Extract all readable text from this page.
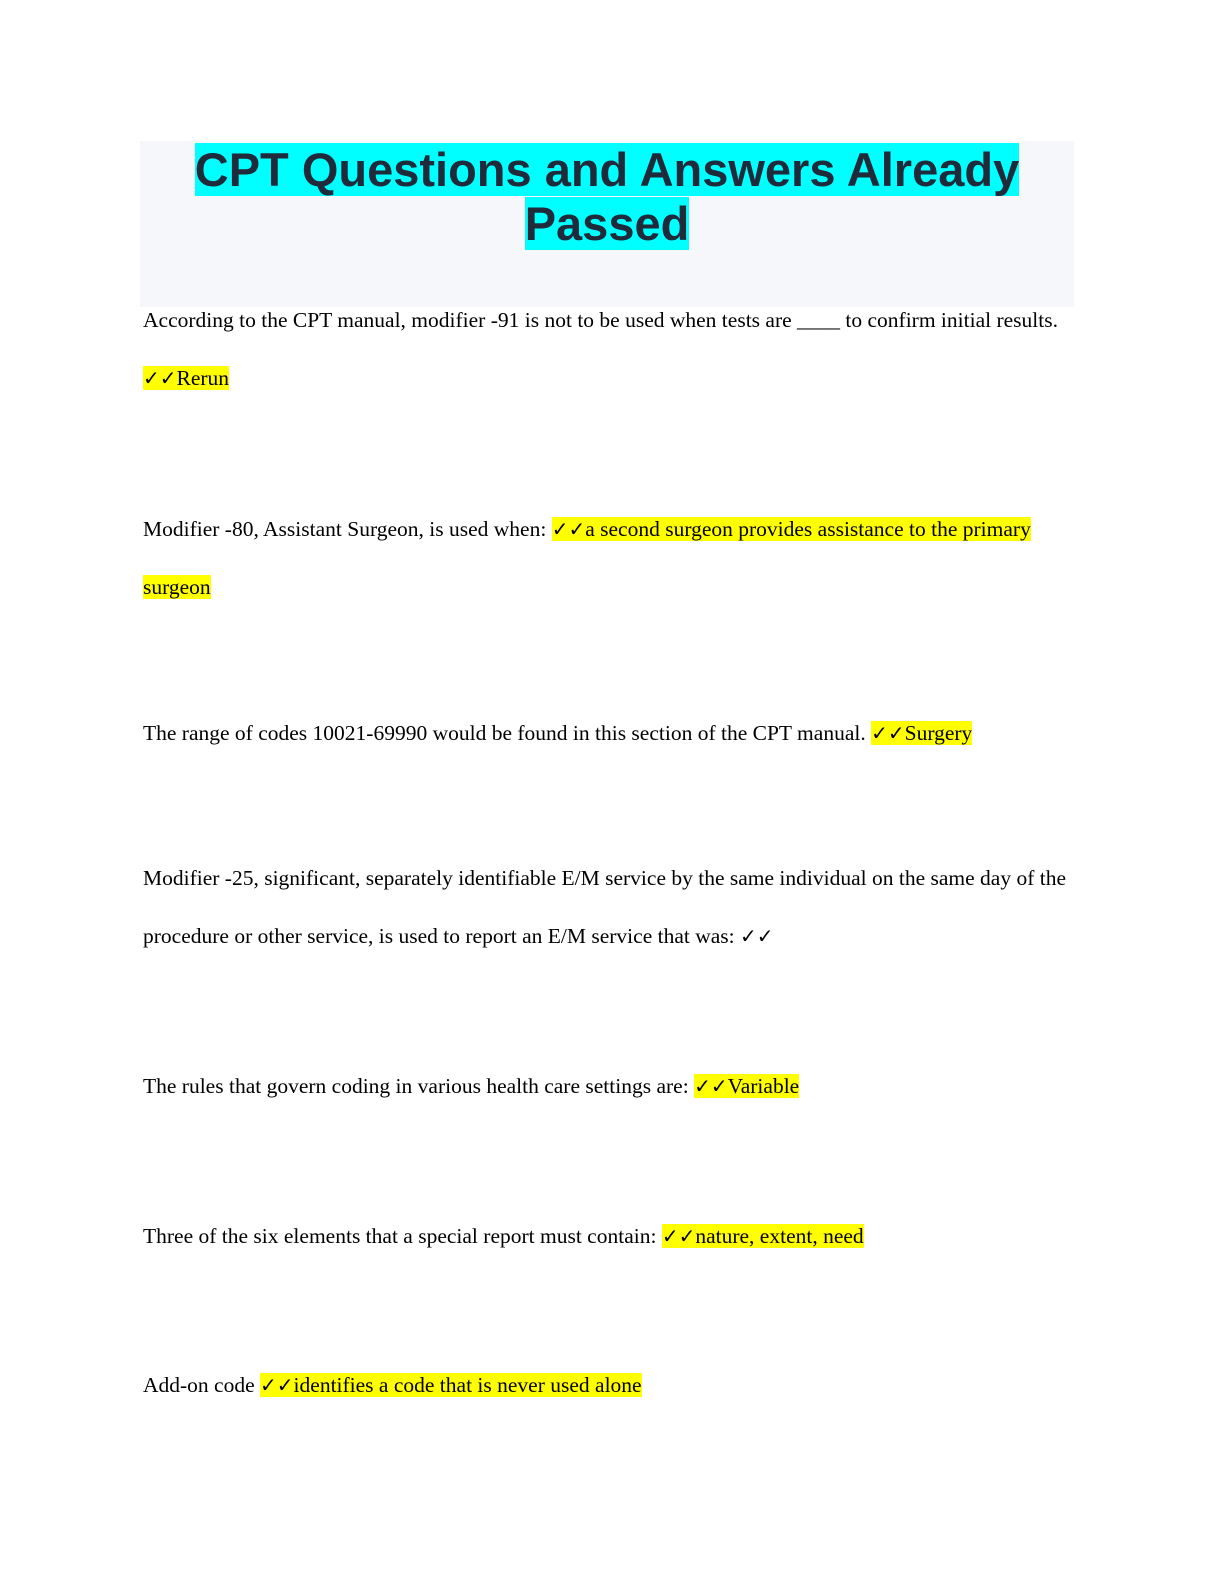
CPT Questions and Answers Already
Passed

According to the CPT manual, modifier -91 is not to be used when tests are ____ to confirm initial results. ✓✓Rerun

Modifier -80, Assistant Surgeon, is used when: ✓✓a second surgeon provides assistance to the primary surgeon

The range of codes 10021-69990 would be found in this section of the CPT manual. ✓✓Surgery

Modifier -25, significant, separately identifiable E/M service by the same individual on the same day of the procedure or other service, is used to report an E/M service that was: ✓✓

The rules that govern coding in various health care settings are: ✓✓Variable

Three of the six elements that a special report must contain: ✓✓nature, extent, need

Add-on code ✓✓identifies a code that is never used alone
